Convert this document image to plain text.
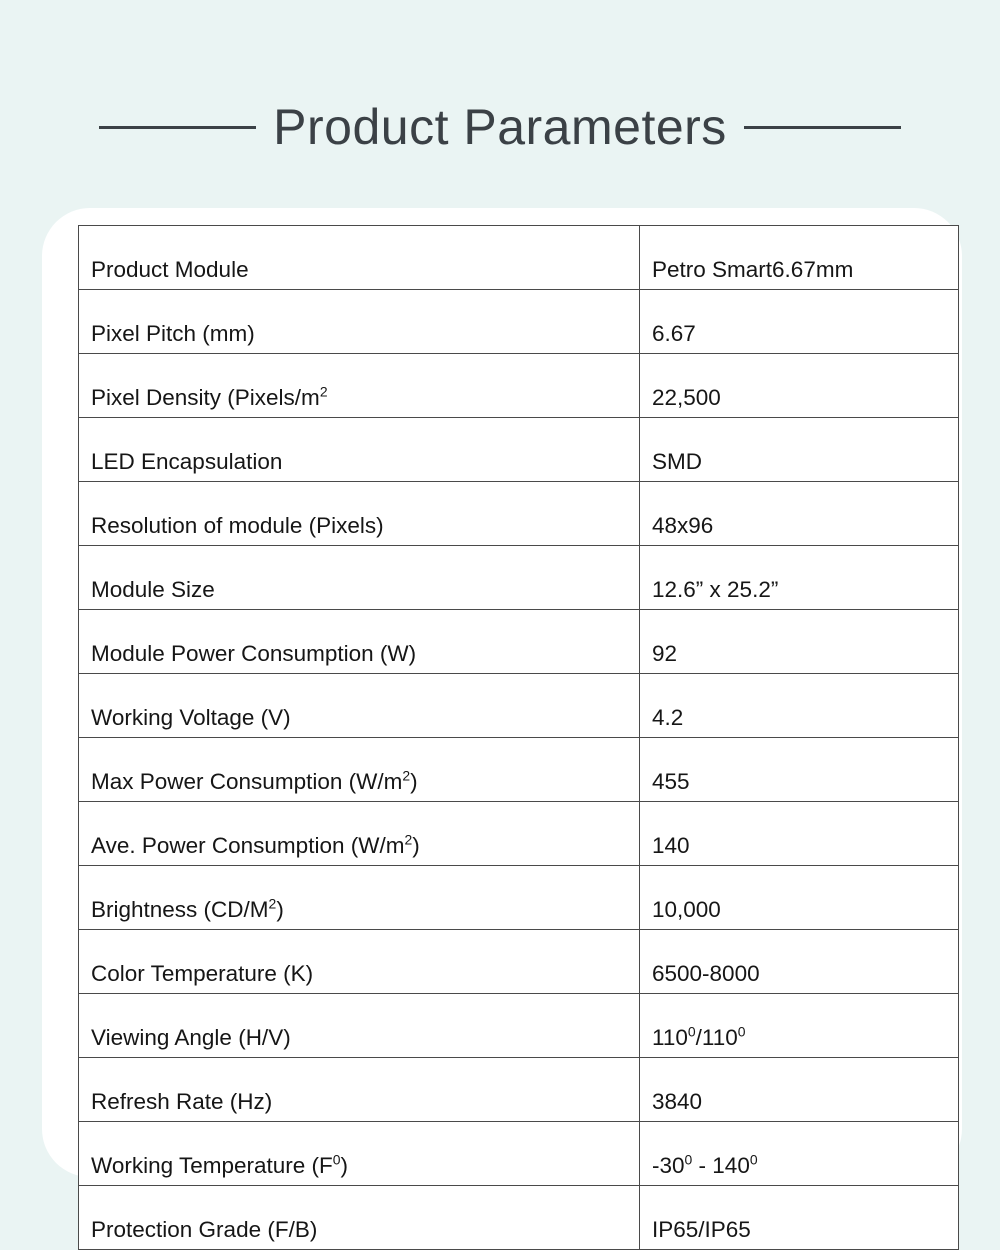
Product Parameters
Product Module	Petro Smart6.67mm
Pixel Pitch (mm)	6.67
Pixel Density ($Pixels/m^2$	22,500
LED Encapsulation	SMD
Resolution of module (Pixels)	48x96
Module Size	12.6” x 25.2”
Module Power Consumption (W)	92
Working Voltage (V)	4.2
Max Power Consumption $(W/m^2)$	455
Ave. Power Consumption $(W/m^2)$	140
Brightness $(CD/M^2)$	10,000
Color Temperature (K)	6500-8000
Viewing Angle (H/V)	$110^0/110^0$
Refresh Rate (Hz)	3840
Working Temperature $(F^0)$	$-30^0 - 140^0$
Protection Grade (F/B)	IP65/IP65
